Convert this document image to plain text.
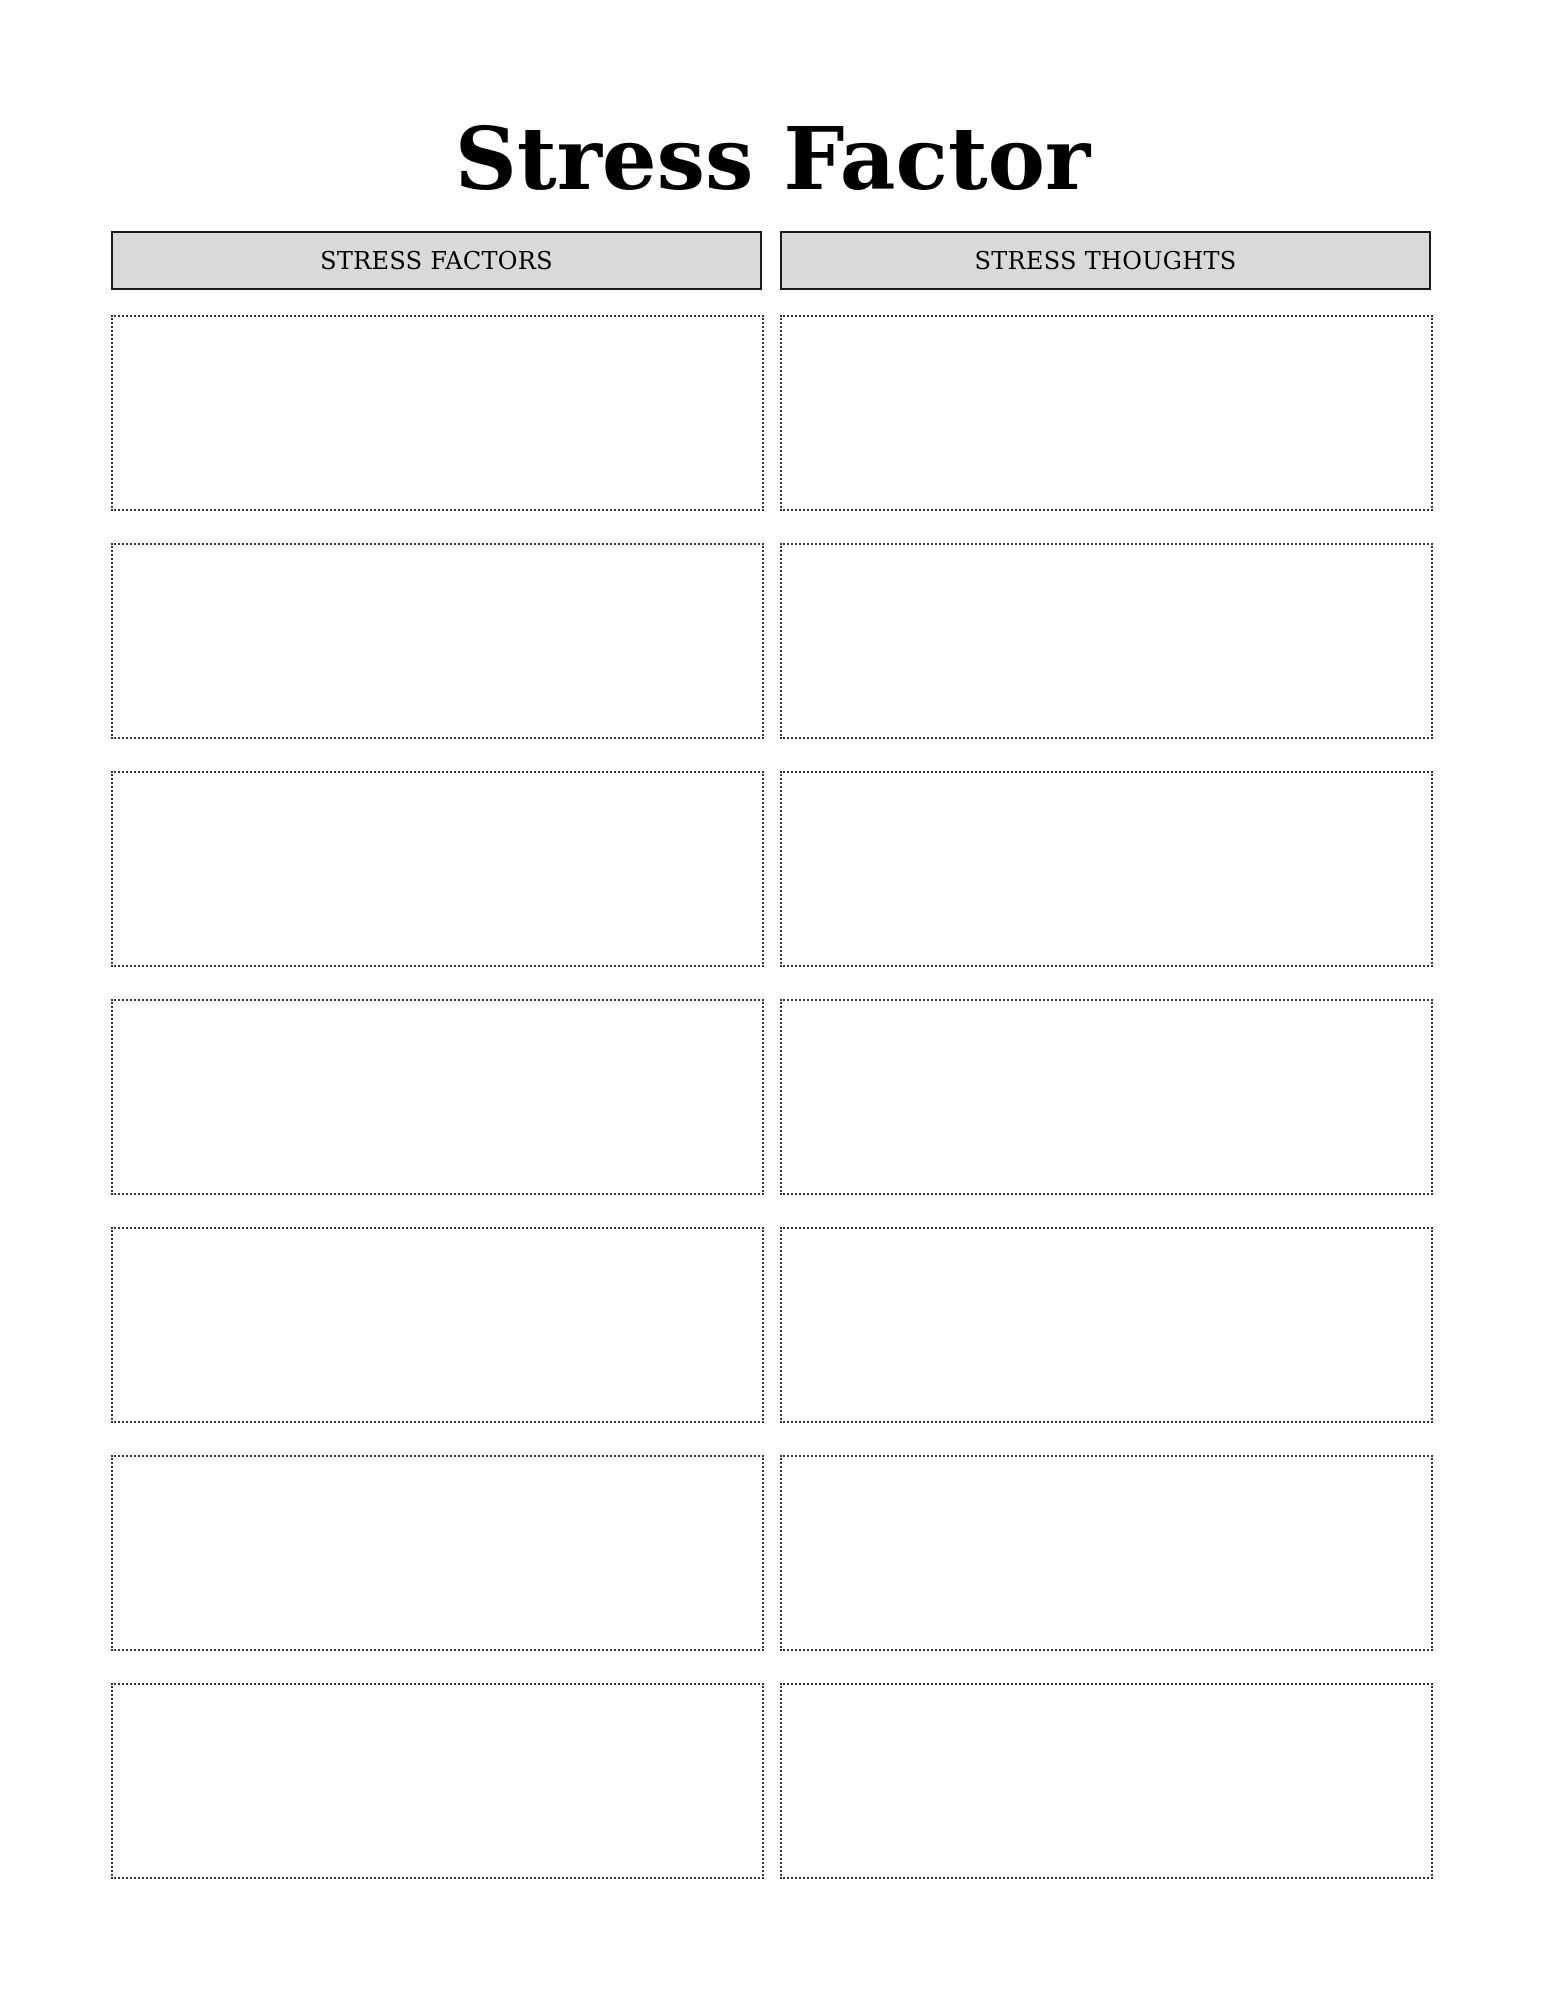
Stress Factor
STRESS FACTORS	STRESS THOUGHTS
